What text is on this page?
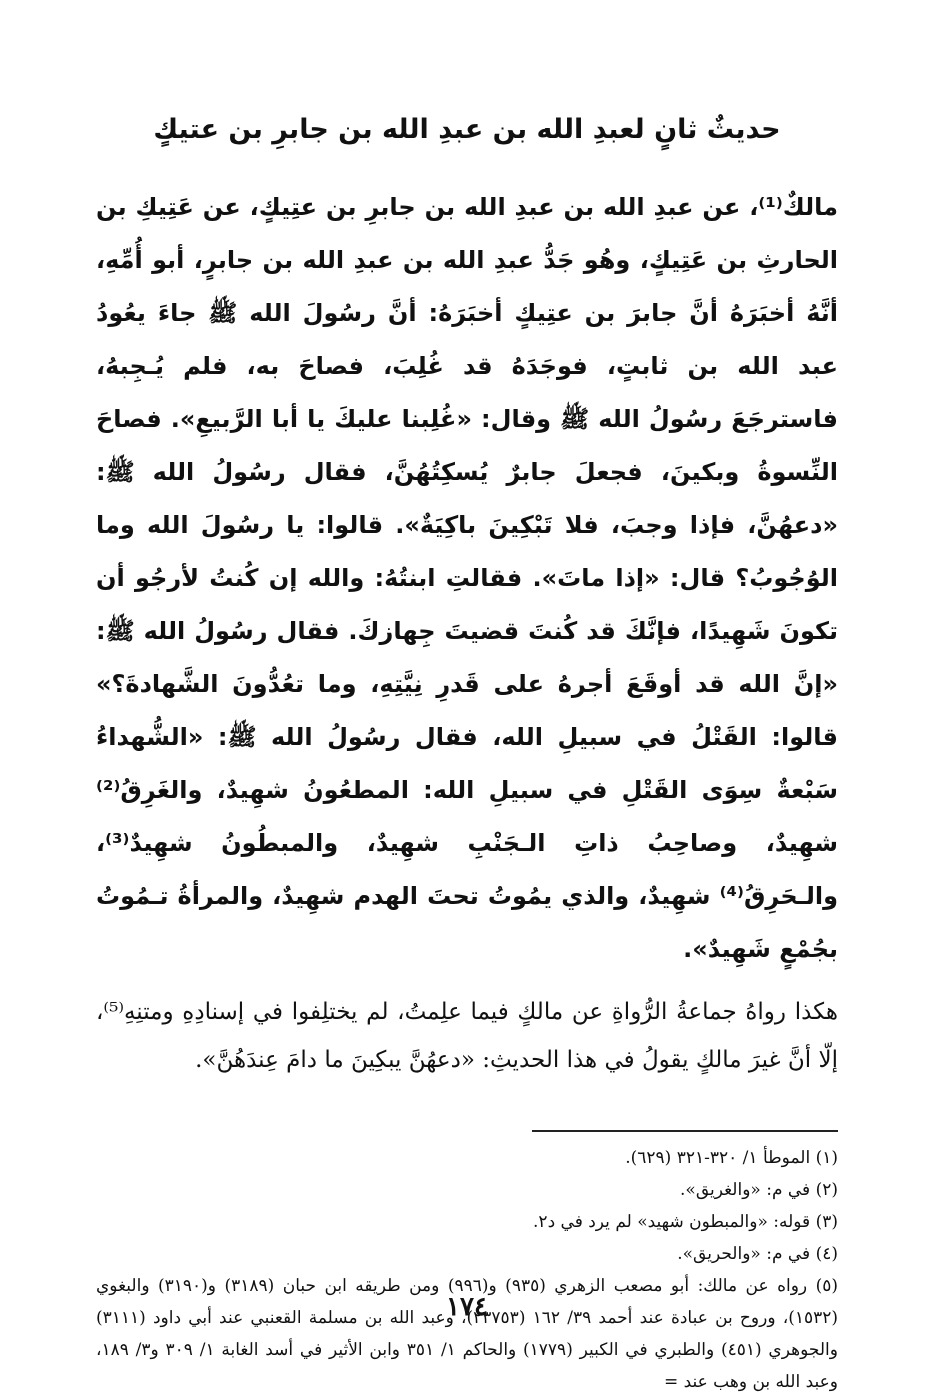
حديثٌ ثانٍ لعبدِ الله بن عبدِ الله بن جابرِ بن عتيكٍ

مالكٌ⁽¹⁾، عن عبدِ الله بن عبدِ الله بن جابرِ بن عتِيكٍ، عن عَتِيكِ بن الحارثِ بن عَتِيكٍ، وهُو جَدُّ عبدِ الله بن عبدِ الله بن جابرٍ، أبو أُمِّهِ، أنَّهُ أخبَرَهُ أنَّ جابرَ بن عتِيكٍ أخبَرَهُ: أنَّ رسُولَ الله ﷺ جاءَ يعُودُ عبد الله بن ثابتٍ، فوجَدَهُ قد غُلِبَ، فصاحَ به، فلم يُـجِبهُ، فاسترجَعَ رسُولُ الله ﷺ وقال: «غُلِبنا عليكَ يا أبا الرَّبيعِ». فصاحَ النِّسوةُ وبكينَ، فجعلَ جابرٌ يُسكِتُهُنَّ، فقال رسُولُ الله ﷺ: «دعهُنَّ، فإذا وجبَ، فلا تَبْكِينَ باكِيَةٌ». قالوا: يا رسُولَ الله وما الوُجُوبُ؟ قال: «إذا ماتَ». فقالتِ ابنتُهُ: والله إن كُنتُ لأرجُو أن تكونَ شَهِيدًا، فإنَّكَ قد كُنتَ قضيتَ جِهازكَ. فقال رسُولُ الله ﷺ: «إنَّ الله قد أوقَعَ أجرهُ على قَدرِ نِيَّتِهِ، وما تعُدُّونَ الشَّهادةَ؟» قالوا: القَتْلُ في سبيلِ الله، فقال رسُولُ الله ﷺ: «الشُّهداءُ سَبْعةٌ سِوَى القَتْلِ في سبيلِ الله: المطعُونُ شهِيدٌ، والغَرِقُ⁽²⁾ شهِيدٌ، وصاحِبُ ذاتِ الـجَنْبِ شهِيدٌ، والمبطُونُ شهِيدٌ⁽³⁾، والـحَرِقُ⁽⁴⁾ شهِيدٌ، والذي يمُوتُ تحتَ الهدم شهِيدٌ، والمرأةُ تـمُوتُ بجُمْعٍ شَهِيدٌ».

هكذا رواهُ جماعةُ الرُّواةِ عن مالكٍ فيما علِمتُ، لم يختلِفوا في إسنادِهِ ومتنِهِ⁽⁵⁾، إلّا أنَّ غيرَ مالكٍ يقولُ في هذا الحديثِ: «دعهُنَّ يبكِينَ ما دامَ عِندَهُنَّ».

(١) الموطأ ١/ ٣٢٠-٣٢١ (٦٢٩).

(٢) في م: «والغريق».

(٣) قوله: «والمبطون شهيد» لم يرد في د٢.

(٤) في م: «والحريق».

(٥) رواه عن مالك: أبو مصعب الزهري (٩٣٥) و(٩٩٦) ومن طريقه ابن حبان (٣١٨٩) و(٣١٩٠) والبغوي (١٥٣٢)، وروح بن عبادة عند أحمد ٣٩/ ١٦٢ (٢٣٧٥٣)، وعبد الله بن مسلمة القعنبي عند أبي داود (٣١١١) والجوهري (٤٥١) والطبري في الكبير (١٧٧٩) والحاكم ١/ ٣٥١ وابن الأثير في أسد الغابة ١/ ٣٠٩ و٣/ ١٨٩، وعبد الله بن وهب عند =

١٧٤
